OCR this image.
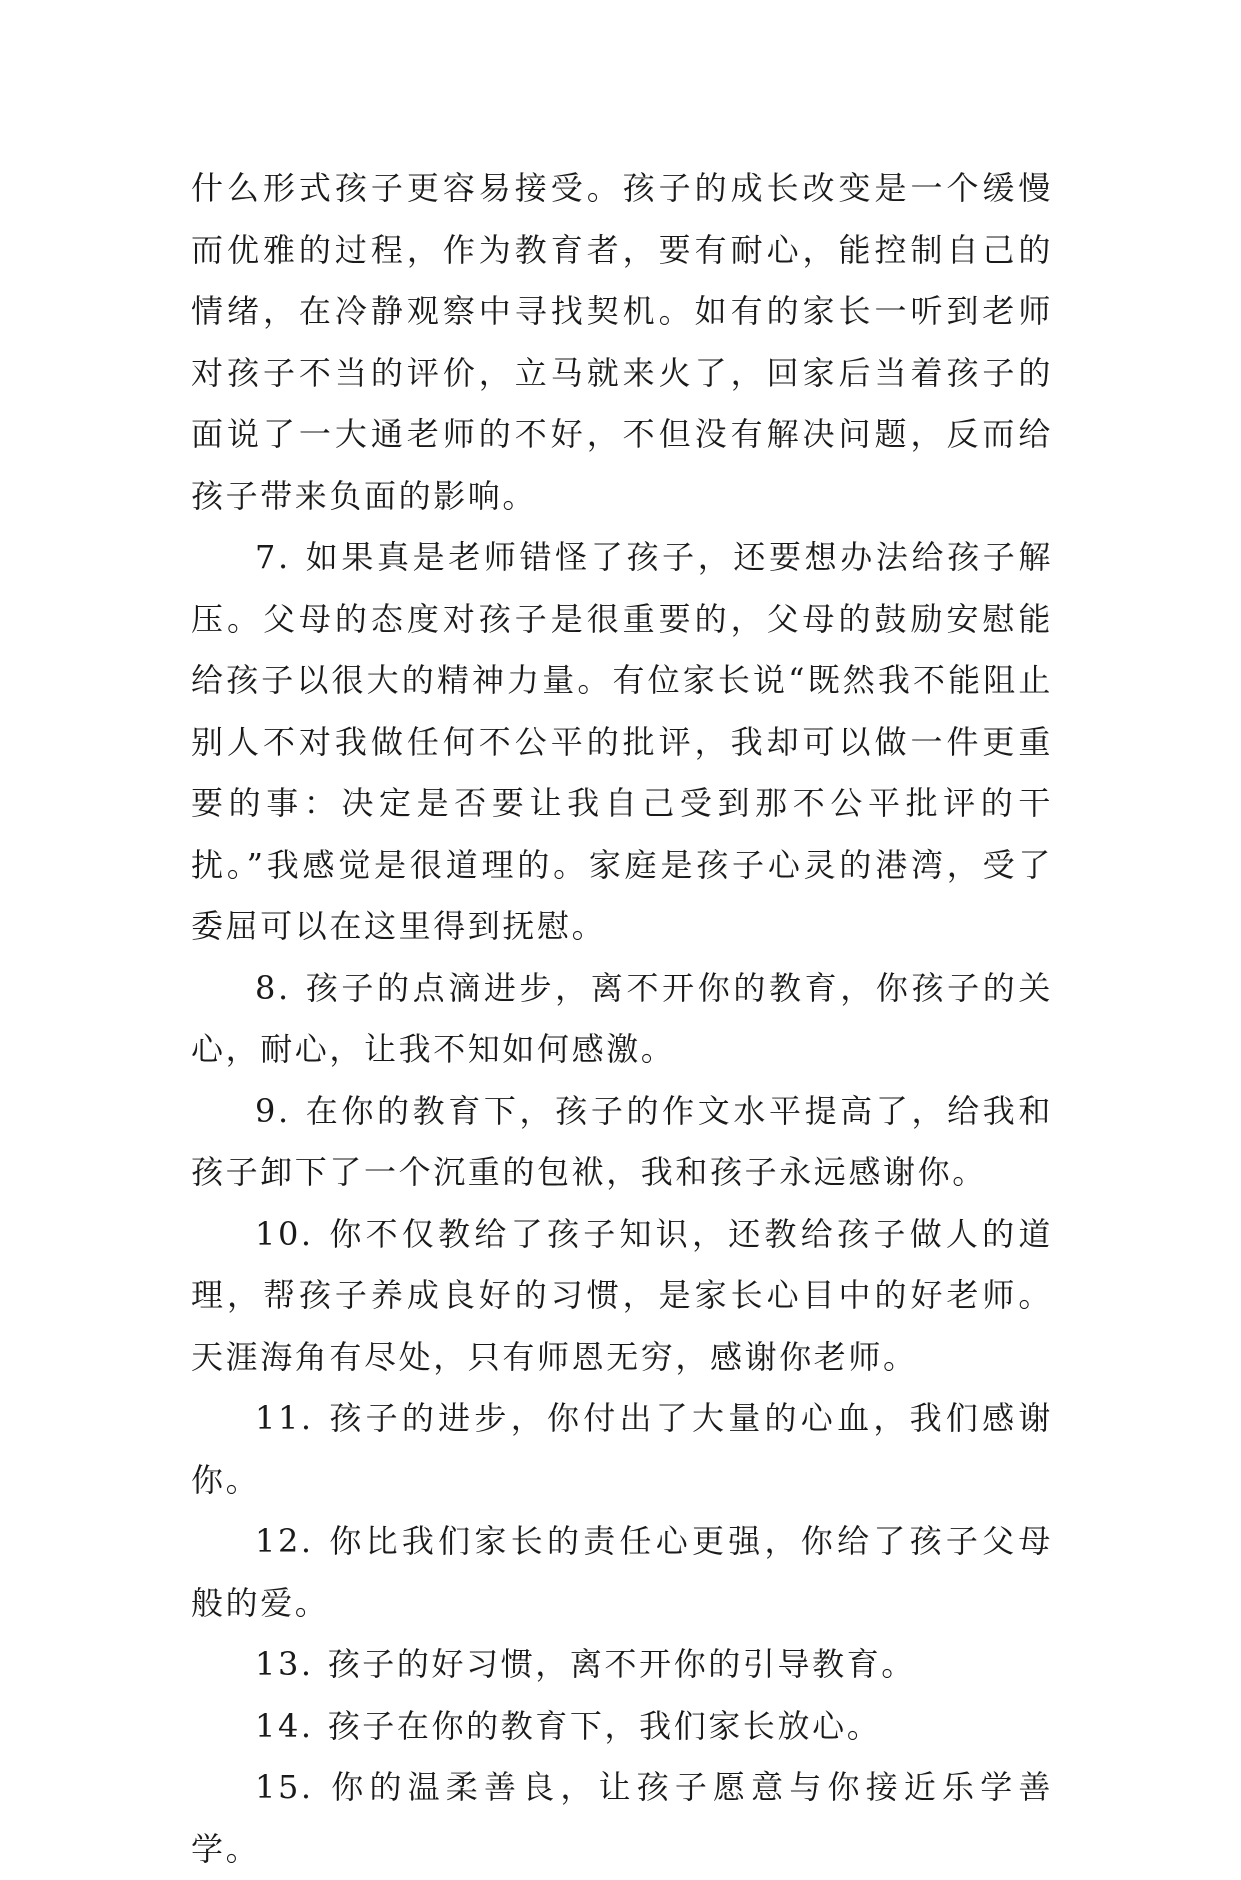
什么形式孩子更容易接受。孩子的成长改变是一个缓慢而优雅的过程，作为教育者，要有耐心，能控制自己的情绪，在冷静观察中寻找契机。如有的家长一听到老师对孩子不当的评价，立马就来火了，回家后当着孩子的面说了一大通老师的不好，不但没有解决问题，反而给孩子带来负面的影响。

7. 如果真是老师错怪了孩子，还要想办法给孩子解压。父母的态度对孩子是很重要的，父母的鼓励安慰能给孩子以很大的精神力量。有位家长说“既然我不能阻止别人不对我做任何不公平的批评，我却可以做一件更重要的事：决定是否要让我自己受到那不公平批评的干扰。”我感觉是很道理的。家庭是孩子心灵的港湾，受了委屈可以在这里得到抚慰。

8. 孩子的点滴进步，离不开你的教育，你孩子的关心，耐心，让我不知如何感激。

9. 在你的教育下，孩子的作文水平提高了，给我和孩子卸下了一个沉重的包袱，我和孩子永远感谢你。

10. 你不仅教给了孩子知识，还教给孩子做人的道理，帮孩子养成良好的习惯，是家长心目中的好老师。天涯海角有尽处，只有师恩无穷，感谢你老师。

11. 孩子的进步，你付出了大量的心血，我们感谢你。

12. 你比我们家长的责任心更强，你给了孩子父母般的爱。

13. 孩子的好习惯，离不开你的引导教育。

14. 孩子在你的教育下，我们家长放心。

15. 你的温柔善良，让孩子愿意与你接近乐学善学。
